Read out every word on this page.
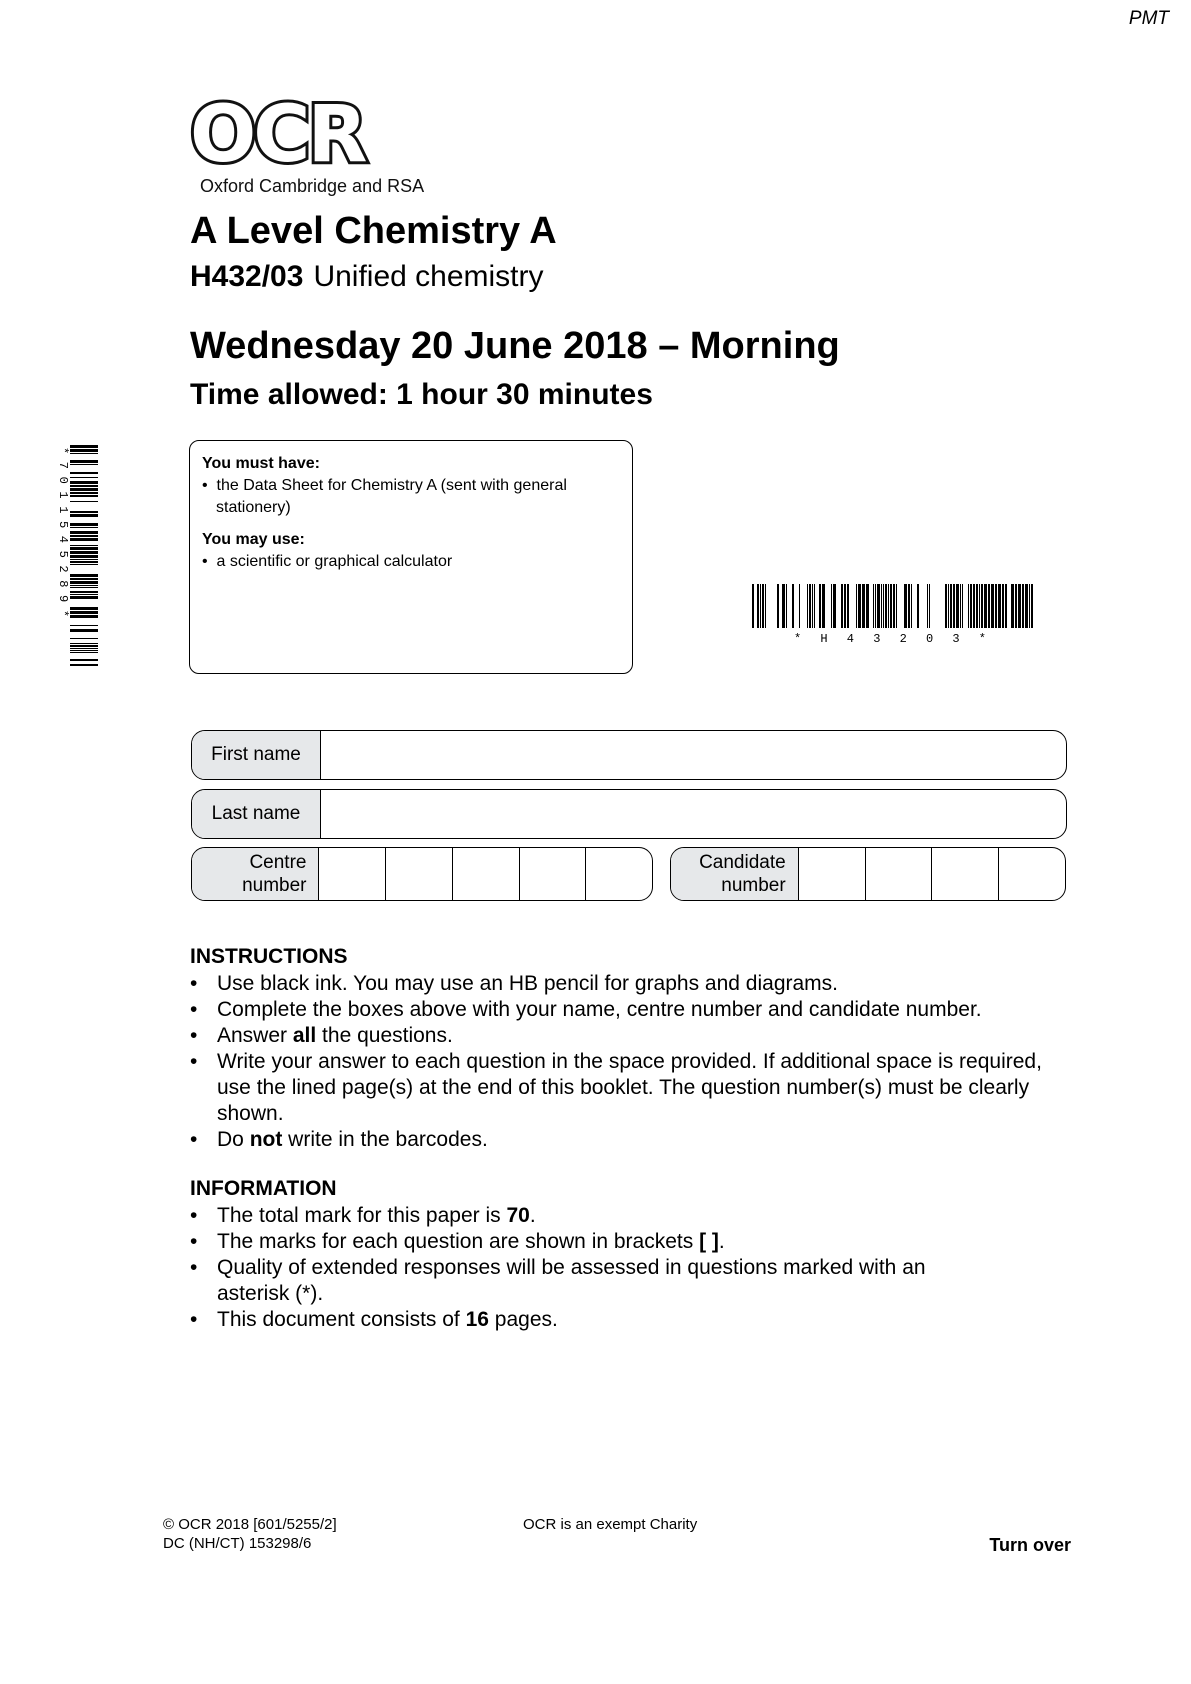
PMT
OCR
Oxford Cambridge and RSA
A Level Chemistry A
H432/03 Unified chemistry
Wednesday 20 June 2018 – Morning
Time allowed: 1 hour 30 minutes
*7011545289*	You must have:
•  the Data Sheet for Chemistry A (sent with general stationery)
You may use:
•  a scientific or graphical calculator
* H 4 3 2 0 3 *
First name
Last name
Centre
number
Candidate
number
INSTRUCTIONS
• Use black ink. You may use an HB pencil for graphs and diagrams.
• Complete the boxes above with your name, centre number and candidate number.
• Answer all the questions.
• Write your answer to each question in the space provided. If additional space is required, use the lined page(s) at the end of this booklet. The question number(s) must be clearly shown.
• Do not write in the barcodes.
INFORMATION
• The total mark for this paper is 70.
• The marks for each question are shown in brackets [ ].
• Quality of extended responses will be assessed in questions marked with an asterisk (*).
• This document consists of 16 pages.
© OCR 2018 [601/5255/2]
DC (NH/CT) 153298/6
OCR is an exempt Charity
Turn over
